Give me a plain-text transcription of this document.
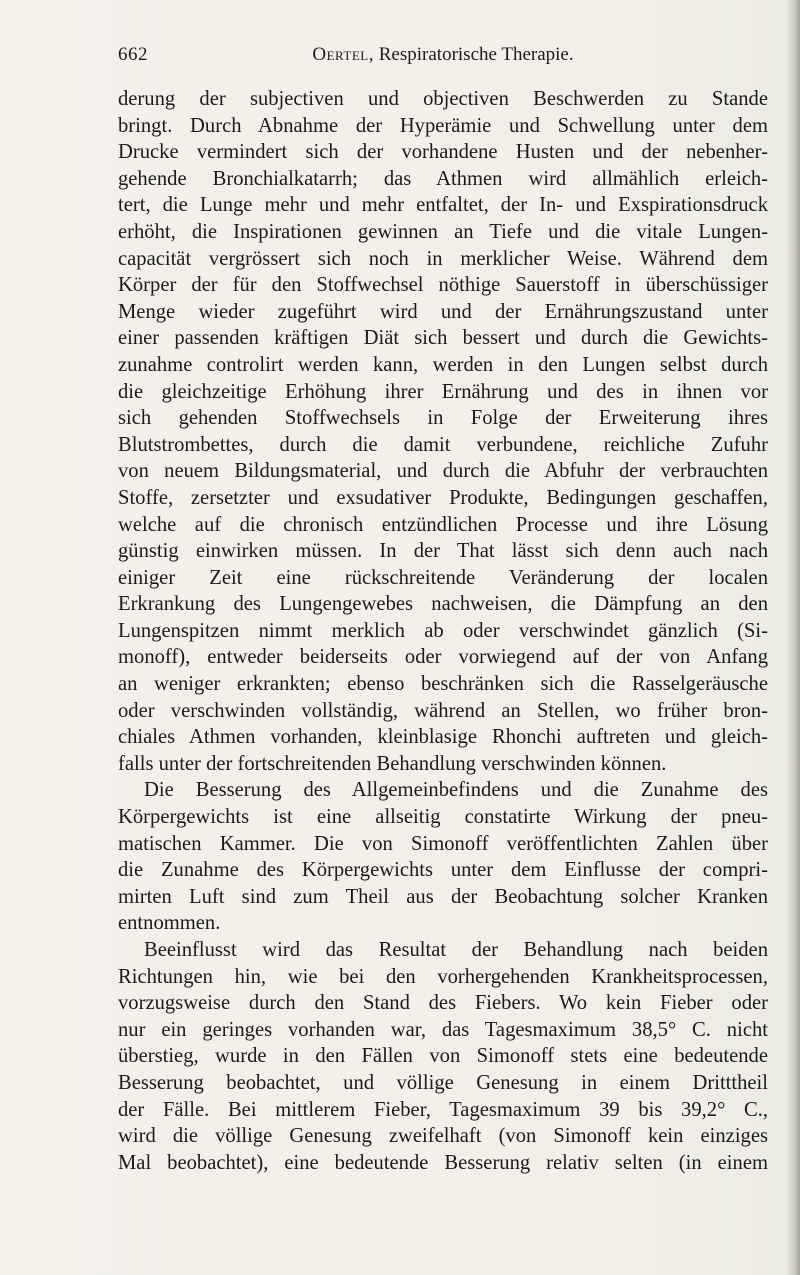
662	Oertel, Respiratorische Therapie.
derung der subjectiven und objectiven Beschwerden zu Stande
bringt. Durch Abnahme der Hyperämie und Schwellung unter dem
Drucke vermindert sich der vorhandene Husten und der nebenher-
gehende Bronchialkatarrh; das Athmen wird allmählich erleich-
tert, die Lunge mehr und mehr entfaltet, der In- und Exspirationsdruck
erhöht, die Inspirationen gewinnen an Tiefe und die vitale Lungen-
capacität vergrössert sich noch in merklicher Weise. Während dem
Körper der für den Stoffwechsel nöthige Sauerstoff in überschüssiger
Menge wieder zugeführt wird und der Ernährungszustand unter
einer passenden kräftigen Diät sich bessert und durch die Gewichts-
zunahme controlirt werden kann, werden in den Lungen selbst durch
die gleichzeitige Erhöhung ihrer Ernährung und des in ihnen vor
sich gehenden Stoffwechsels in Folge der Erweiterung ihres
Blutstrombettes, durch die damit verbundene, reichliche Zufuhr
von neuem Bildungsmaterial, und durch die Abfuhr der verbrauchten
Stoffe, zersetzter und exsudativer Produkte, Bedingungen geschaffen,
welche auf die chronisch entzündlichen Processe und ihre Lösung
günstig einwirken müssen. In der That lässt sich denn auch nach
einiger Zeit eine rückschreitende Veränderung der localen
Erkrankung des Lungengewebes nachweisen, die Dämpfung an den
Lungenspitzen nimmt merklich ab oder verschwindet gänzlich (Si-
monoff), entweder beiderseits oder vorwiegend auf der von Anfang
an weniger erkrankten; ebenso beschränken sich die Rasselgeräusche
oder verschwinden vollständig, während an Stellen, wo früher bron-
chiales Athmen vorhanden, kleinblasige Rhonchi auftreten und gleich-
falls unter der fortschreitenden Behandlung verschwinden können.
Die Besserung des Allgemeinbefindens und die Zunahme des
Körpergewichts ist eine allseitig constatirte Wirkung der pneu-
matischen Kammer. Die von Simonoff veröffentlichten Zahlen über
die Zunahme des Körpergewichts unter dem Einflusse der compri-
mirten Luft sind zum Theil aus der Beobachtung solcher Kranken
entnommen.
Beeinflusst wird das Resultat der Behandlung nach beiden
Richtungen hin, wie bei den vorhergehenden Krankheitsprocessen,
vorzugsweise durch den Stand des Fiebers. Wo kein Fieber oder
nur ein geringes vorhanden war, das Tagesmaximum 38,5° C. nicht
überstieg, wurde in den Fällen von Simonoff stets eine bedeutende
Besserung beobachtet, und völlige Genesung in einem Dritttheil
der Fälle. Bei mittlerem Fieber, Tagesmaximum 39 bis 39,2° C.,
wird die völlige Genesung zweifelhaft (von Simonoff kein einziges
Mal beobachtet), eine bedeutende Besserung relativ selten (in einem
